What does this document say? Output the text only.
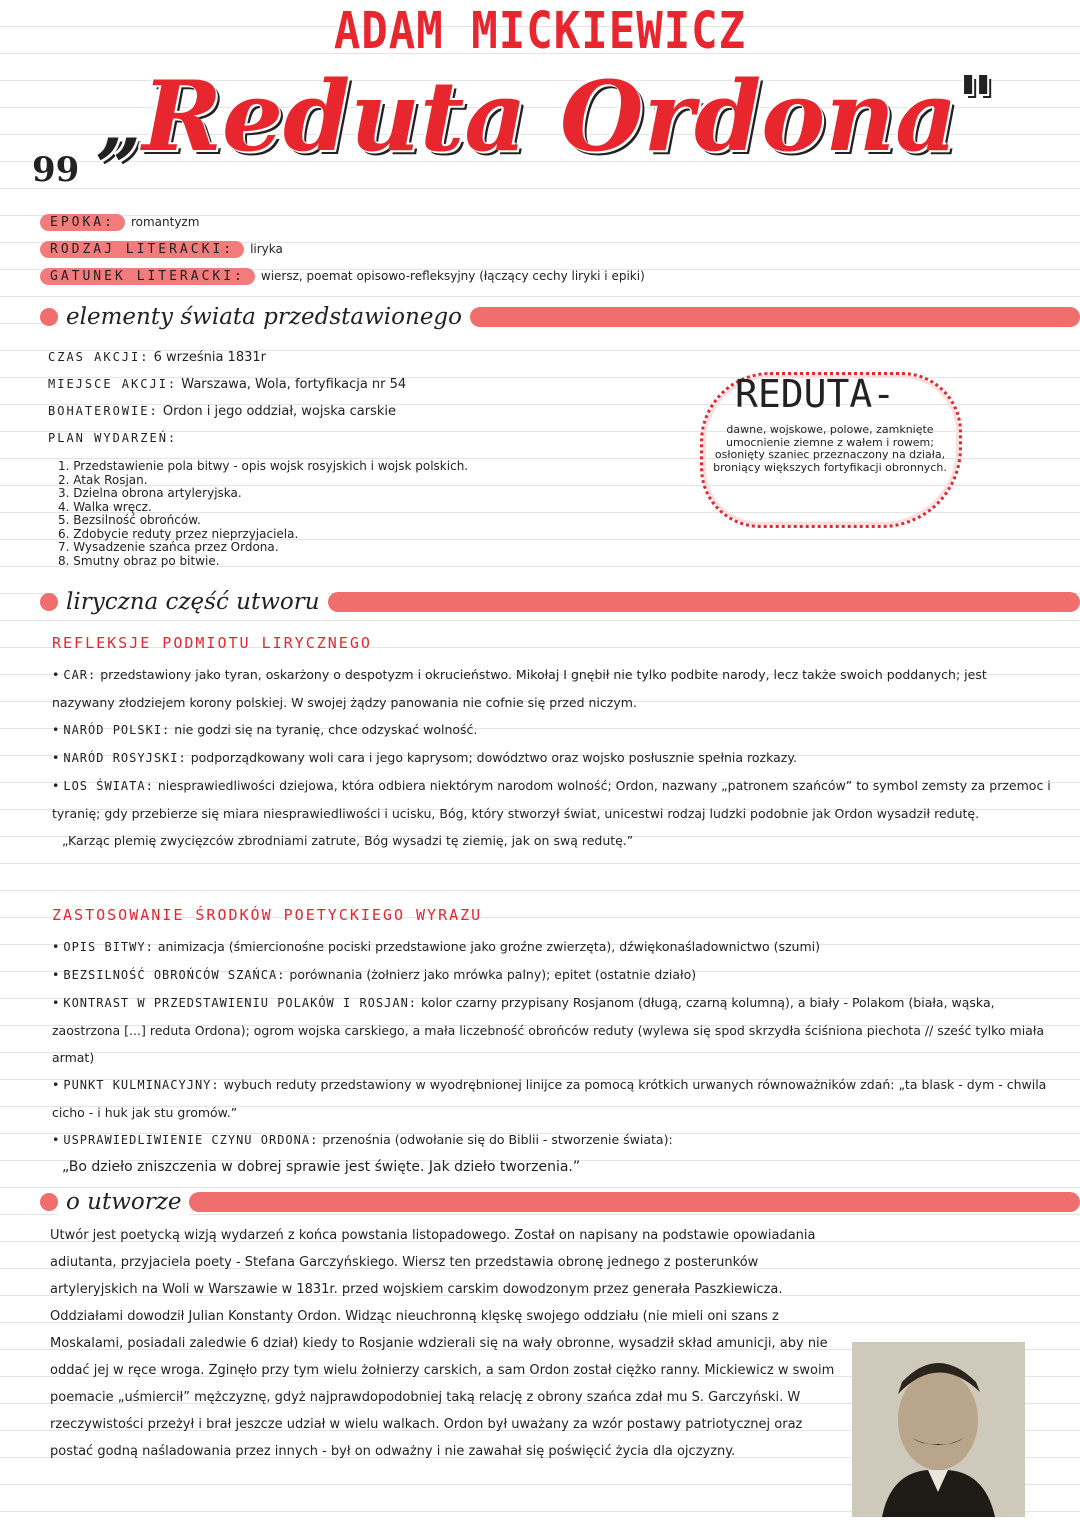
ADAM MICKIEWICZ
99
„Reduta Ordona"
EPOKA:	romantyzm
RODZAJ LITERACKI:	liryka
GATUNEK LITERACKI:	wiersz, poemat opisowo-refleksyjny (łączący cechy liryki i epiki)
elementy świata przedstawionego
CZAS AKCJI: 6 września 1831r
MIEJSCE AKCJI: Warszawa, Wola, fortyfikacja nr 54
BOHATEROWIE: Ordon i jego oddział, wojska carskie
PLAN WYDARZEŃ:
1. Przedstawienie pola bitwy - opis wojsk rosyjskich i wojsk polskich.
2. Atak Rosjan.
3. Dzielna obrona artyleryjska.
4. Walka wręcz.
5. Bezsilność obrońców.
6. Zdobycie reduty przez nieprzyjaciela.
7. Wysadzenie szańca przez Ordona.
8. Smutny obraz po bitwie.
REDUTA-
dawne, wojskowe, polowe, zamknięte umocnienie ziemne z wałem i rowem; osłonięty szaniec przeznaczony na działa, broniący większych fortyfikacji obronnych.
liryczna część utworu
REFLEKSJE PODMIOTU LIRYCZNEGO
• CAR: przedstawiony jako tyran, oskarżony o despotyzm i okrucieństwo. Mikołaj I gnębił nie tylko podbite narody, lecz także swoich poddanych; jest nazywany złodziejem korony polskiej. W swojej żądzy panowania nie cofnie się przed niczym.
• NARÓD POLSKI: nie godzi się na tyranię, chce odzyskać wolność.
• NARÓD ROSYJSKI: podporządkowany woli cara i jego kaprysom; dowództwo oraz wojsko posłusznie spełnia rozkazy.
• LOS ŚWIATA: niesprawiedliwości dziejowa, która odbiera niektórym narodom wolność; Ordon, nazwany „patronem szańców” to symbol zemsty za przemoc i tyranię; gdy przebierze się miara niesprawiedliwości i ucisku, Bóg, który stworzył świat, unicestwi rodzaj ludzki podobnie jak Ordon wysadził redutę.
„Karząc plemię zwycięzców zbrodniami zatrute, Bóg wysadzi tę ziemię, jak on swą redutę.”
ZASTOSOWANIE ŚRODKÓW POETYCKIEGO WYRAZU
• OPIS BITWY: animizacja (śmiercionośne pociski przedstawione jako groźne zwierzęta), dźwiękonaśladownictwo (szumi)
• BEZSILNOŚĆ OBROŃCÓW SZAŃCA: porównania (żołnierz jako mrówka palny); epitet (ostatnie działo)
• KONTRAST W PRZEDSTAWIENIU POLAKÓW I ROSJAN: kolor czarny przypisany Rosjanom (długą, czarną kolumną), a biały - Polakom (biała, wąska, zaostrzona [...] reduta Ordona); ogrom wojska carskiego, a mała liczebność obrońców reduty (wylewa się spod skrzydła ściśniona piechota // sześć tylko miała armat)
• PUNKT KULMINACYJNY: wybuch reduty przedstawiony w wyodrębnionej linijce za pomocą krótkich urwanych równoważników zdań: „ta blask - dym - chwila cicho - i huk jak stu gromów.”
• USPRAWIEDLIWIENIE CZYNU ORDONA: przenośnia (odwołanie się do Biblii - stworzenie świata):
„Bo dzieło zniszczenia w dobrej sprawie jest święte. Jak dzieło tworzenia.”
o utworze
Utwór jest poetycką wizją wydarzeń z końca powstania listopadowego. Został on napisany na podstawie opowiadania adiutanta, przyjaciela poety - Stefana Garczyńskiego. Wiersz ten przedstawia obronę jednego z posterunków artyleryjskich na Woli w Warszawie w 1831r. przed wojskiem carskim dowodzonym przez generała Paszkiewicza. Oddziałami dowodził Julian Konstanty Ordon. Widząc nieuchronną klęskę swojego oddziału (nie mieli oni szans z Moskalami, posiadali zaledwie 6 dział) kiedy to Rosjanie wdzierali się na wały obronne, wysadził skład amunicji, aby nie oddać jej w ręce wroga. Zginęło przy tym wielu żołnierzy carskich, a sam Ordon został ciężko ranny. Mickiewicz w swoim poemacie „uśmiercił” mężczyznę, gdyż najprawdopodobniej taką relację z obrony szańca zdał mu S. Garczyński. W rzeczywistości przeżył i brał jeszcze udział w wielu walkach. Ordon był uważany za wzór postawy patriotycznej oraz postać godną naśladowania przez innych - był on odważny i nie zawahał się poświęcić życia dla ojczyzny.
